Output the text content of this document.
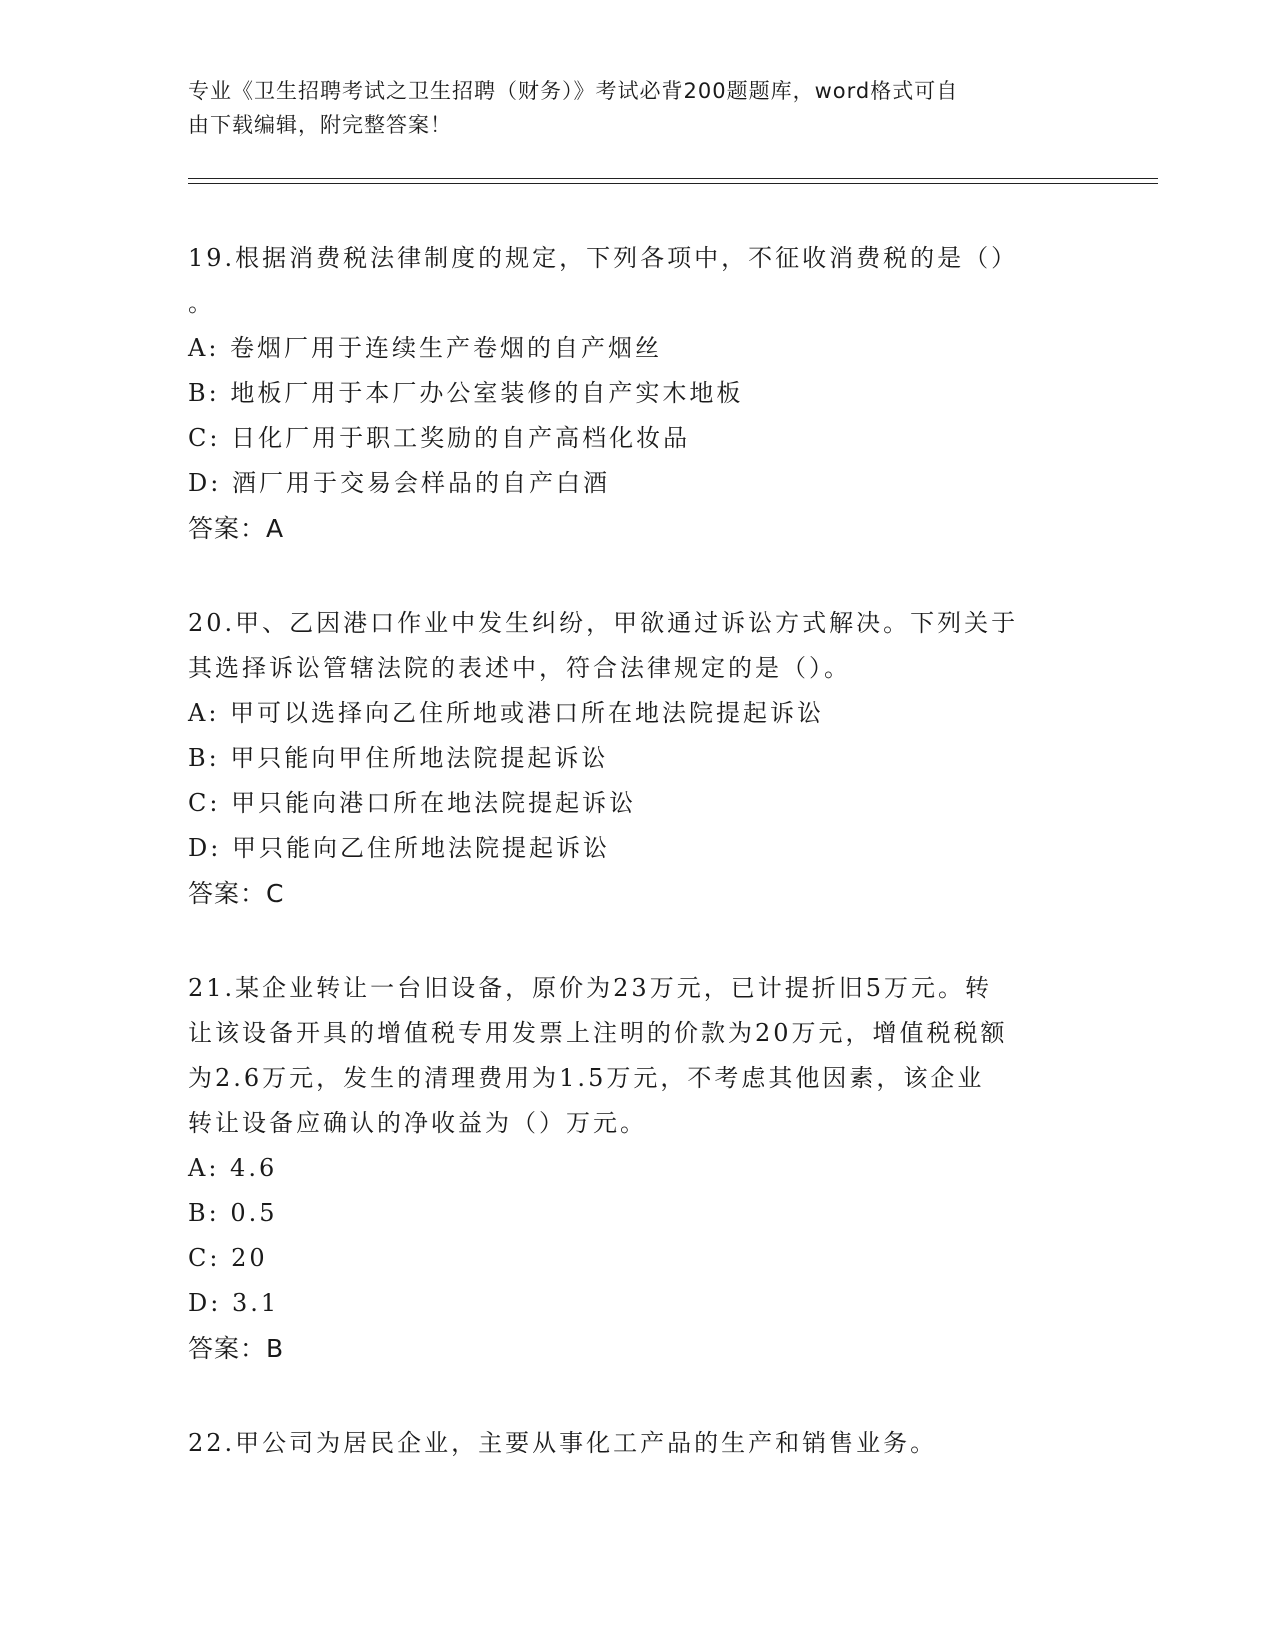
专业《卫生招聘考试之卫生招聘（财务）》考试必背200题题库，word格式可自
由下载编辑，附完整答案！

19.根据消费税法律制度的规定，下列各项中，不征收消费税的是（）

。

A: 卷烟厂用于连续生产卷烟的自产烟丝

B: 地板厂用于本厂办公室装修的自产实木地板

C: 日化厂用于职工奖励的自产高档化妆品

D: 酒厂用于交易会样品的自产白酒

答案：A

20.甲、乙因港口作业中发生纠纷，甲欲通过诉讼方式解决。下列关于

其选择诉讼管辖法院的表述中，符合法律规定的是（）。

A: 甲可以选择向乙住所地或港口所在地法院提起诉讼

B: 甲只能向甲住所地法院提起诉讼

C: 甲只能向港口所在地法院提起诉讼

D: 甲只能向乙住所地法院提起诉讼

答案：C

21.某企业转让一台旧设备，原价为23万元，已计提折旧5万元。转

让该设备开具的增值税专用发票上注明的价款为20万元，增值税税额

为2.6万元，发生的清理费用为1.5万元，不考虑其他因素，该企业

转让设备应确认的净收益为（）万元。

A: 4.6

B: 0.5

C: 20

D: 3.1

答案：B

22.甲公司为居民企业，主要从事化工产品的生产和销售业务。
